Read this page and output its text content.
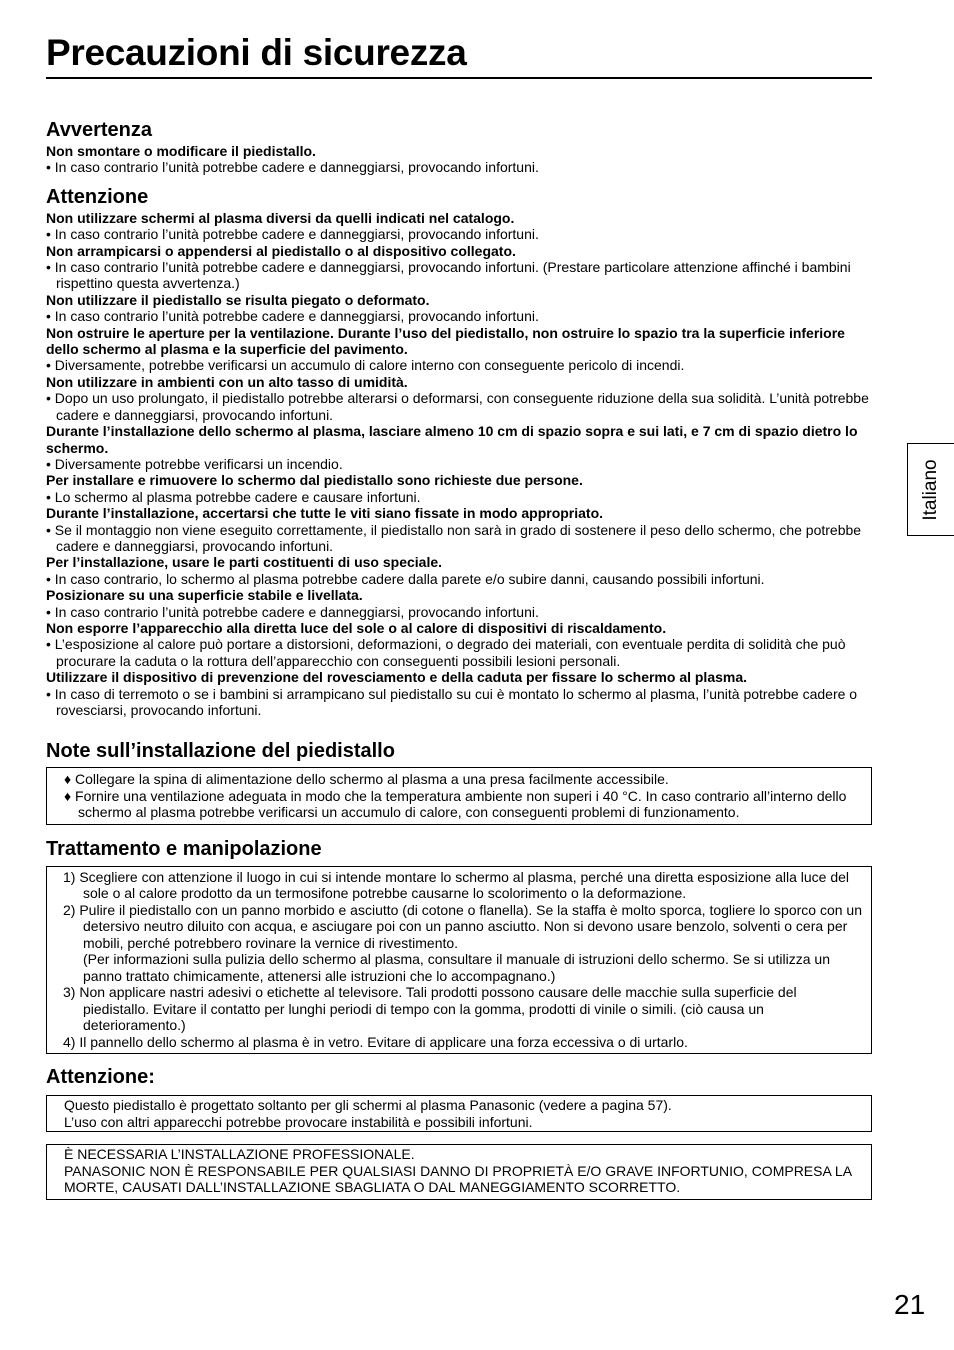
Precauzioni di sicurezza
Italiano
Avvertenza
Non smontare o modificare il piedistallo.
• In caso contrario l’unità potrebbe cadere e danneggiarsi, provocando infortuni.
Attenzione
Non utilizzare schermi al plasma diversi da quelli indicati nel catalogo.
• In caso contrario l’unità potrebbe cadere e danneggiarsi, provocando infortuni.
Non arrampicarsi o appendersi al piedistallo o al dispositivo collegato.
• In caso contrario l’unità potrebbe cadere e danneggiarsi, provocando infortuni. (Prestare particolare attenzione affinché i bambini rispettino questa avvertenza.)
Non utilizzare il piedistallo se risulta piegato o deformato.
• In caso contrario l’unità potrebbe cadere e danneggiarsi, provocando infortuni.
Non ostruire le aperture per la ventilazione. Durante l’uso del piedistallo, non ostruire lo spazio tra la superficie inferiore dello schermo al plasma e la superficie del pavimento.
• Diversamente, potrebbe verificarsi un accumulo di calore interno con conseguente pericolo di incendi.
Non utilizzare in ambienti con un alto tasso di umidità.
• Dopo un uso prolungato, il piedistallo potrebbe alterarsi o deformarsi, con conseguente riduzione della sua solidità. L’unità potrebbe cadere e danneggiarsi, provocando infortuni.
Durante l’installazione dello schermo al plasma, lasciare almeno 10 cm di spazio sopra e sui lati, e 7 cm di spazio dietro lo schermo.
• Diversamente potrebbe verificarsi un incendio.
Per installare e rimuovere lo schermo dal piedistallo sono richieste due persone.
• Lo schermo al plasma potrebbe cadere e causare infortuni.
Durante l’installazione, accertarsi che tutte le viti siano fissate in modo appropriato.
• Se il montaggio non viene eseguito correttamente, il piedistallo non sarà in grado di sostenere il peso dello schermo, che potrebbe cadere e danneggiarsi, provocando infortuni.
Per l’installazione, usare le parti costituenti di uso speciale.
• In caso contrario, lo schermo al plasma potrebbe cadere dalla parete e/o subire danni, causando possibili infortuni.
Posizionare su una superficie stabile e livellata.
• In caso contrario l’unità potrebbe cadere e danneggiarsi, provocando infortuni.
Non esporre l’apparecchio alla diretta luce del sole o al calore di dispositivi di riscaldamento.
• L’esposizione al calore può portare a distorsioni, deformazioni, o degrado dei materiali, con eventuale perdita di solidità che può procurare la caduta o la rottura dell’apparecchio con conseguenti possibili lesioni personali.
Utilizzare il dispositivo di prevenzione del rovesciamento e della caduta per fissare lo schermo al plasma.
• In caso di terremoto o se i bambini si arrampicano sul piedistallo su cui è montato lo schermo al plasma, l’unità potrebbe cadere o rovesciarsi, provocando infortuni.
Note sull’installazione del piedistallo
♦ Collegare la spina di alimentazione dello schermo al plasma a una presa facilmente accessibile.
♦ Fornire una ventilazione adeguata in modo che la temperatura ambiente non superi i 40 °C. In caso contrario all’interno dello schermo al plasma potrebbe verificarsi un accumulo di calore, con conseguenti problemi di funzionamento.
Trattamento e manipolazione
1) Scegliere con attenzione il luogo in cui si intende montare lo schermo al plasma, perché una diretta esposizione alla luce del sole o al calore prodotto da un termosifone potrebbe causarne lo scolorimento o la deformazione.
2) Pulire il piedistallo con un panno morbido e asciutto (di cotone o flanella). Se la staffa è molto sporca, togliere lo sporco con un detersivo neutro diluito con acqua, e asciugare poi con un panno asciutto. Non si devono usare benzolo, solventi o cera per mobili, perché potrebbero rovinare la vernice di rivestimento.
(Per informazioni sulla pulizia dello schermo al plasma, consultare il manuale di istruzioni dello schermo. Se si utilizza un panno trattato chimicamente, attenersi alle istruzioni che lo accompagnano.)
3) Non applicare nastri adesivi o etichette al televisore. Tali prodotti possono causare delle macchie sulla superficie del piedistallo. Evitare il contatto per lunghi periodi di tempo con la gomma, prodotti di vinile o simili. (ciò causa un deterioramento.)
4) Il pannello dello schermo al plasma è in vetro. Evitare di applicare una forza eccessiva o di urtarlo.
Attenzione:
Questo piedistallo è progettato soltanto per gli schermi al plasma Panasonic (vedere a pagina 57).
L’uso con altri apparecchi potrebbe provocare instabilità e possibili infortuni.
È NECESSARIA L’INSTALLAZIONE PROFESSIONALE.
PANASONIC NON È RESPONSABILE PER QUALSIASI DANNO DI PROPRIETÀ E/O GRAVE INFORTUNIO, COMPRESA LA MORTE, CAUSATI DALL’INSTALLAZIONE SBAGLIATA O DAL MANEGGIAMENTO SCORRETTO.
21
